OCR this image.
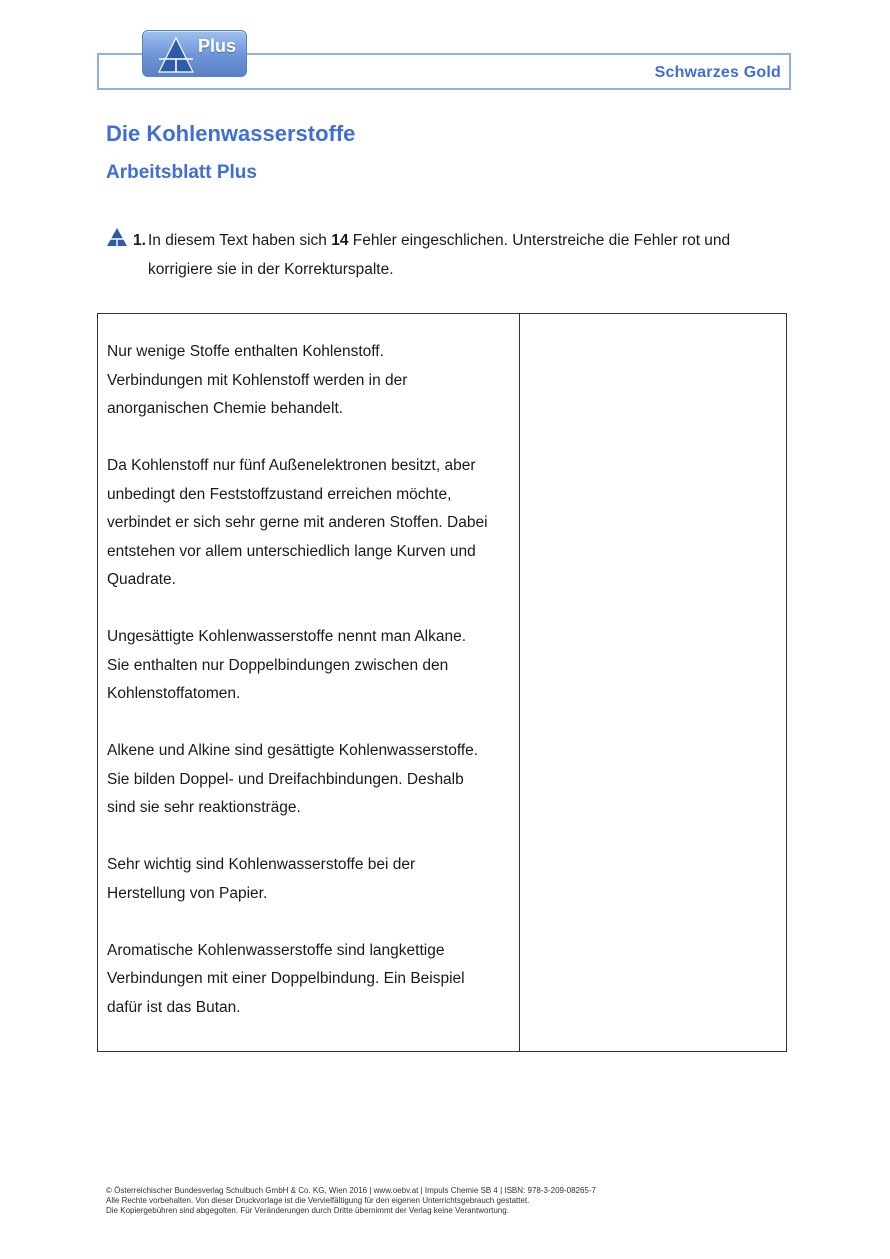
Schwarzes Gold
Plus
Die Kohlenwasserstoffe
Arbeitsblatt Plus
1. In diesem Text haben sich 14 Fehler eingeschlichen. Unterstreiche die Fehler rot und
korrigiere sie in der Korrekturspalte.
Nur wenige Stoffe enthalten Kohlenstoff.
Verbindungen mit Kohlenstoff werden in der
anorganischen Chemie behandelt.
Da Kohlenstoff nur fünf Außenelektronen besitzt, aber
unbedingt den Feststoffzustand erreichen möchte,
verbindet er sich sehr gerne mit anderen Stoffen. Dabei
entstehen vor allem unterschiedlich lange Kurven und
Quadrate.
Ungesättigte Kohlenwasserstoffe nennt man Alkane.
Sie enthalten nur Doppelbindungen zwischen den
Kohlenstoffatomen.
Alkene und Alkine sind gesättigte Kohlenwasserstoffe.
Sie bilden Doppel- und Dreifachbindungen. Deshalb
sind sie sehr reaktionsträge.
Sehr wichtig sind Kohlenwasserstoffe bei der
Herstellung von Papier.
Aromatische Kohlenwasserstoffe sind langkettige
Verbindungen mit einer Doppelbindung. Ein Beispiel
dafür ist das Butan.
© Österreichischer Bundesverlag Schulbuch GmbH & Co. KG, Wien 2016 | www.oebv.at | Impuls Chemie SB 4 | ISBN: 978-3-209-08265-7
Alle Rechte vorbehalten. Von dieser Druckvorlage ist die Vervielfältigung für den eigenen Unterrichtsgebrauch gestattet.
Die Kopiergebühren sind abgegolten. Für Veränderungen durch Dritte übernimmt der Verlag keine Verantwortung.
